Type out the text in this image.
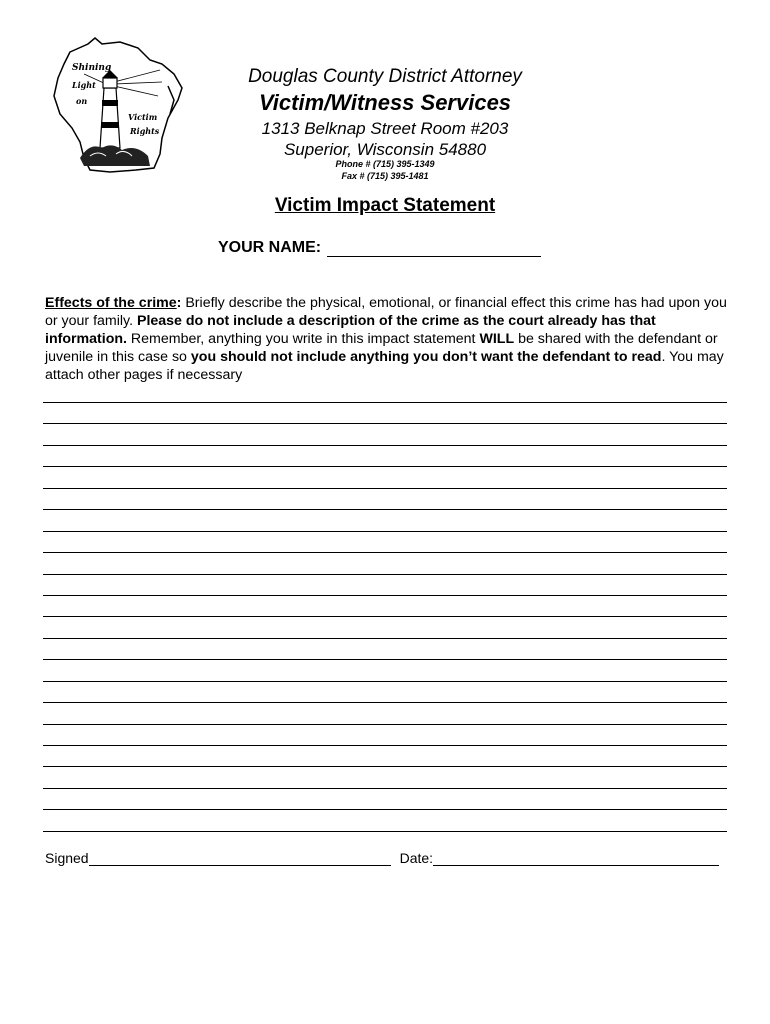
Shining
Light
on
Victim
Rights
Douglas County District Attorney
Victim/Witness Services
1313 Belknap Street Room #203
Superior, Wisconsin 54880
Phone # (715) 395-1349
Fax # (715) 395-1481
Victim Impact Statement
YOUR NAME:
Effects of the crime: Briefly describe the physical, emotional, or financial effect this crime has had upon you or your family. Please do not include a description of the crime as the court already has that information. Remember, anything you write in this impact statement WILL be shared with the defendant or juvenile in this case so you should not include anything you don’t want the defendant to read. You may attach other pages if necessary
Signed	Date:
